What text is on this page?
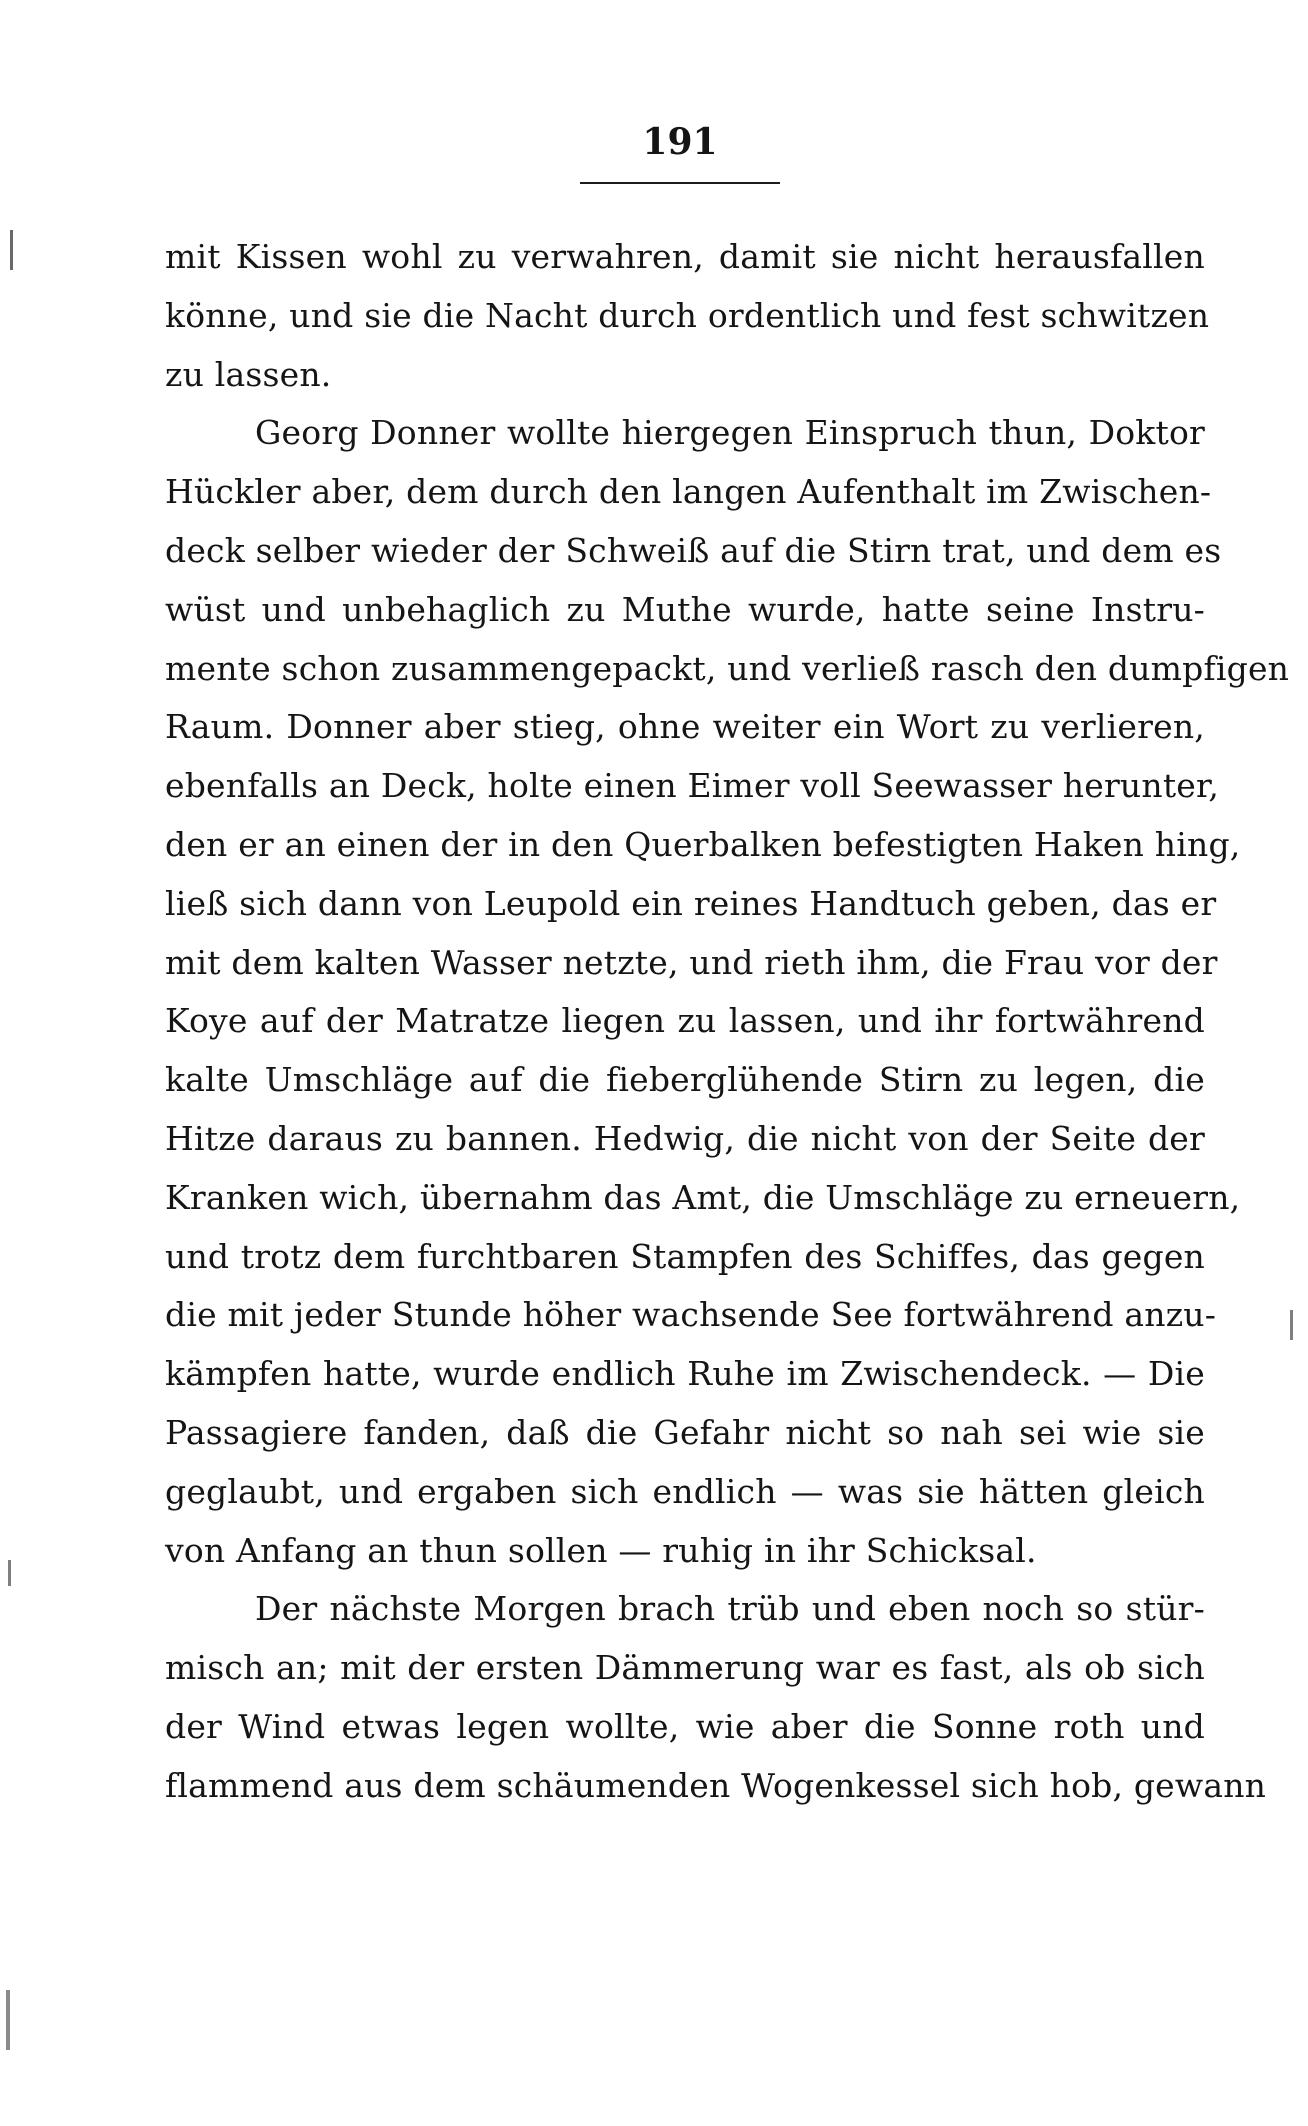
191
mit Kissen wohl zu verwahren, damit sie nicht herausfallen
könne, und sie die Nacht durch ordentlich und fest schwitzen
zu lassen.
Georg Donner wollte hiergegen Einspruch thun, Doktor
Hückler aber, dem durch den langen Aufenthalt im Zwischen-
deck selber wieder der Schweiß auf die Stirn trat, und dem es
wüst und unbehaglich zu Muthe wurde, hatte seine Instru-
mente schon zusammengepackt, und verließ rasch den dumpfigen
Raum. Donner aber stieg, ohne weiter ein Wort zu verlieren,
ebenfalls an Deck, holte einen Eimer voll Seewasser herunter,
den er an einen der in den Querbalken befestigten Haken hing,
ließ sich dann von Leupold ein reines Handtuch geben, das er
mit dem kalten Wasser netzte, und rieth ihm, die Frau vor der
Koye auf der Matratze liegen zu lassen, und ihr fortwährend
kalte Umschläge auf die fieberglühende Stirn zu legen, die
Hitze daraus zu bannen. Hedwig, die nicht von der Seite der
Kranken wich, übernahm das Amt, die Umschläge zu erneuern,
und trotz dem furchtbaren Stampfen des Schiffes, das gegen
die mit jeder Stunde höher wachsende See fortwährend anzu-
kämpfen hatte, wurde endlich Ruhe im Zwischendeck. — Die
Passagiere fanden, daß die Gefahr nicht so nah sei wie sie
geglaubt, und ergaben sich endlich — was sie hätten gleich
von Anfang an thun sollen — ruhig in ihr Schicksal.
Der nächste Morgen brach trüb und eben noch so stür-
misch an; mit der ersten Dämmerung war es fast, als ob sich
der Wind etwas legen wollte, wie aber die Sonne roth und
flammend aus dem schäumenden Wogenkessel sich hob, gewann
